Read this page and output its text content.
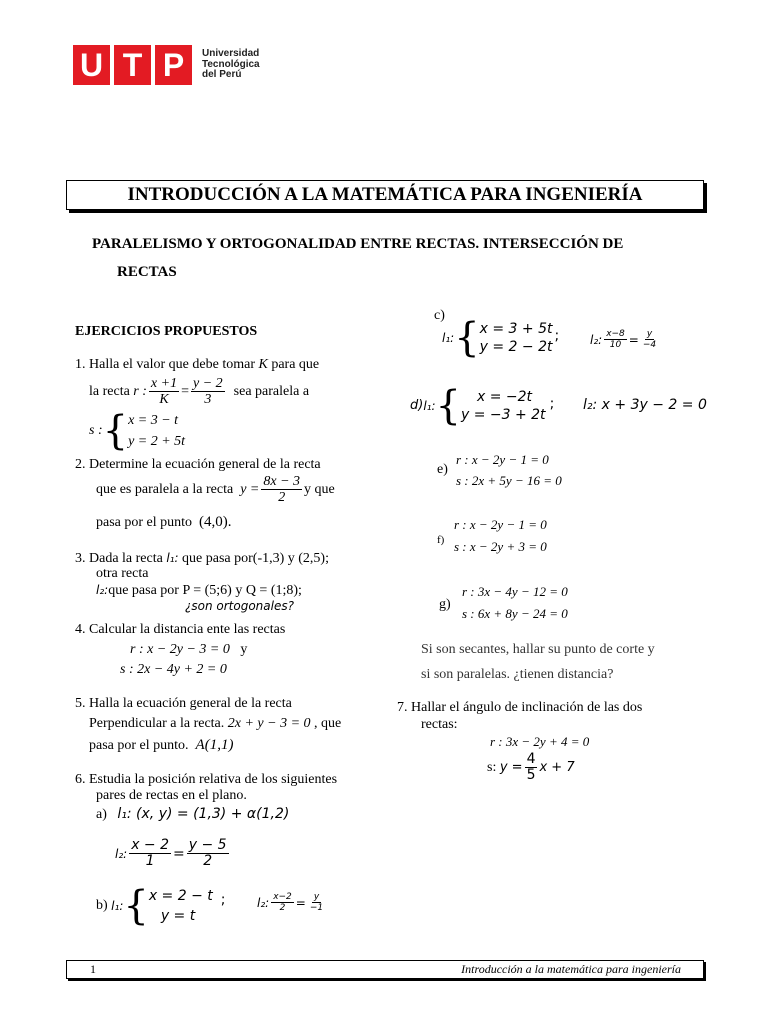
U T P	Universidad
Tecnológica
del Perú
INTRODUCCIÓN A LA MATEMÁTICA PARA INGENIERÍA
PARALELISMO Y ORTOGONALIDAD ENTRE RECTAS. INTERSECCIÓN DE
RECTAS
EJERCICIOS PROPUESTOS
1. Halla el valor que debe tomar K para que
la recta
r : $\frac{x +1}{K} = \frac{y - 2}{3}$
sea paralela a
s : { x = 3 − t
y = 2 + 5t
2. Determine la ecuación general de la recta
que es paralela a la recta
$y = \frac{8x - 3}{2}$ y que
pasa por el punto (4,0).
3. Dada la recta l₁: que pasa por(-1,3) y (2,5);
otra recta
l₂:que pasa por P = (5;6) y Q = (1;8);
¿son ortogonales?
4. Calcular la distancia ente las rectas
r : x − 2y − 3 = 0 y
s : 2x − 4y + 2 = 0
5. Halla la ecuación general de la recta
Perpendicular a la recta. 2x + y − 3 = 0 , que
pasa por el punto. A(1,1)
6. Estudia la posición relativa de los siguientes
pares de rectas en el plano.
a) l₁: (x, y) = (1,3) + α(1,2)
l₂: $\frac{x - 2}{1} = \frac{y - 5}{2}$
b)
l₁: { x = 2 − t
y = t
;	l₂: $\frac{x-2}{2} = \frac{y}{-1}$
c)
l₁: { x = 3 + 5t
y = 2 − 2t
;	l₂: $\frac{x-8}{10} = \frac{y}{-4}$
d) l₁: {	x = −2t
y = −3 + 2t
; l₂: x + 3y − 2 = 0
e)
r : x − 2y − 1 = 0
s : 2x + 5y − 16 = 0
f)
r : x − 2y − 1 = 0
s : x − 2y + 3 = 0
g)
r : 3x − 4y − 12 = 0
s : 6x + 8y − 24 = 0
Si son secantes, hallar su punto de corte y
si son paralelas. ¿tienen distancia?
7. Hallar el ángulo de inclinación de las dos
rectas:
r : 3x − 2y + 4 = 0
s:
$y = \frac{4}{5}$ x + 7
1	Introducción a la matemática para ingeniería
